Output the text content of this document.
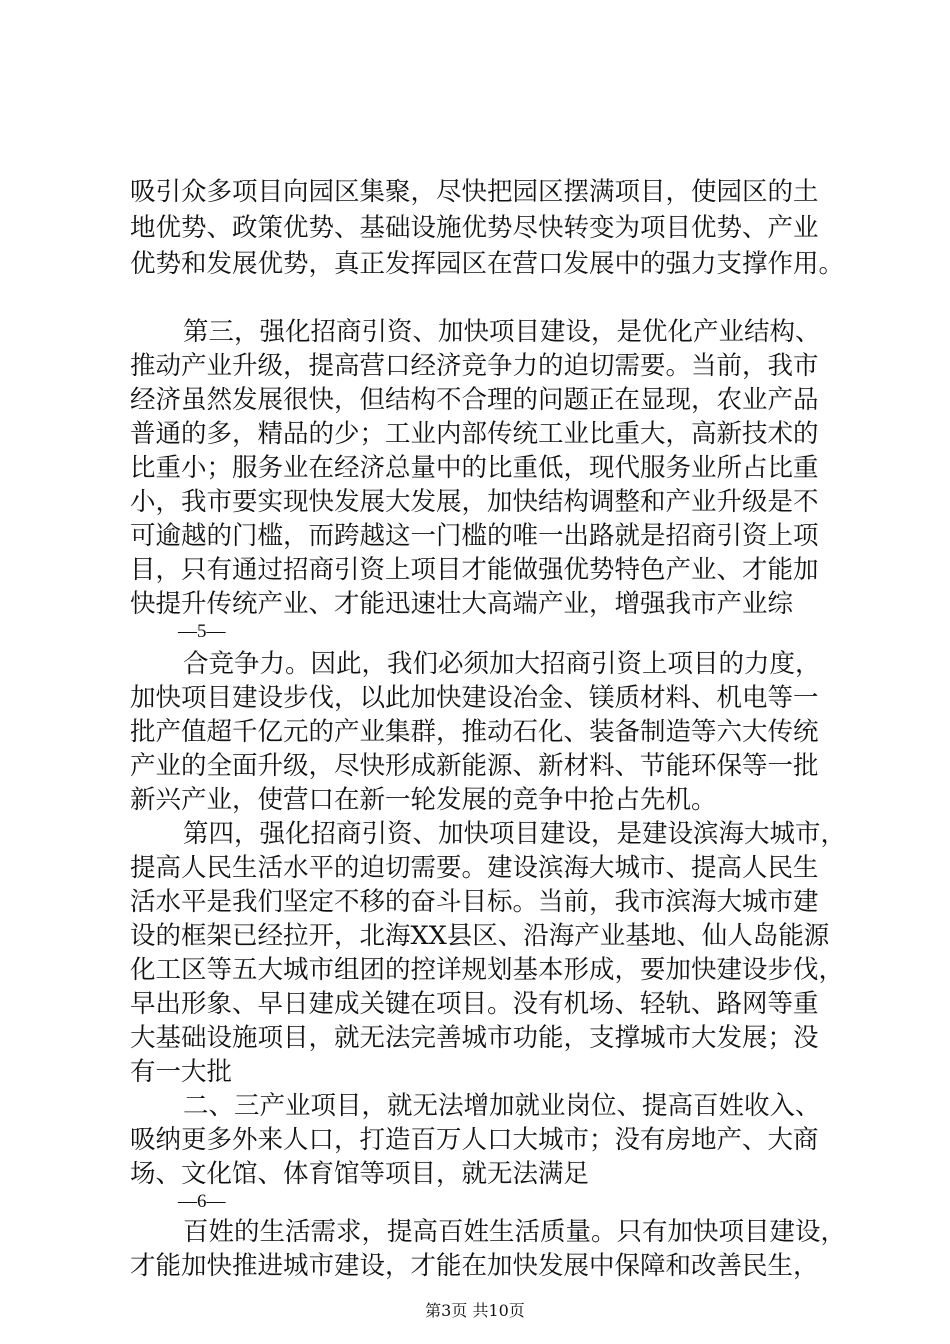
吸引众多项目向园区集聚，尽快把园区摆满项目，使园区的土
地优势、政策优势、基础设施优势尽快转变为项目优势、产业
优势和发展优势，真正发挥园区在营口发展中的强力支撑作用。
第三，强化招商引资、加快项目建设，是优化产业结构、
推动产业升级，提高营口经济竞争力的迫切需要。当前，我市
经济虽然发展很快，但结构不合理的问题正在显现，农业产品
普通的多，精品的少；工业内部传统工业比重大，高新技术的
比重小；服务业在经济总量中的比重低，现代服务业所占比重
小，我市要实现快发展大发展，加快结构调整和产业升级是不
可逾越的门槛，而跨越这一门槛的唯一出路就是招商引资上项
目，只有通过招商引资上项目才能做强优势特色产业、才能加
快提升传统产业、才能迅速壮大高端产业，增强我市产业综
—5—
合竞争力。因此，我们必须加大招商引资上项目的力度，
加快项目建设步伐，以此加快建设冶金、镁质材料、机电等一
批产值超千亿元的产业集群，推动石化、装备制造等六大传统
产业的全面升级，尽快形成新能源、新材料、节能环保等一批
新兴产业，使营口在新一轮发展的竞争中抢占先机。
第四，强化招商引资、加快项目建设，是建设滨海大城市，
提高人民生活水平的迫切需要。建设滨海大城市、提高人民生
活水平是我们坚定不移的奋斗目标。当前，我市滨海大城市建
设的框架已经拉开，北海XX县区、沿海产业基地、仙人岛能源
化工区等五大城市组团的控详规划基本形成，要加快建设步伐，
早出形象、早日建成关键在项目。没有机场、轻轨、路网等重
大基础设施项目，就无法完善城市功能，支撑城市大发展；没
有一大批
二、三产业项目，就无法增加就业岗位、提高百姓收入、
吸纳更多外来人口，打造百万人口大城市；没有房地产、大商
场、文化馆、体育馆等项目，就无法满足
—6—
百姓的生活需求，提高百姓生活质量。只有加快项目建设，
才能加快推进城市建设，才能在加快发展中保障和改善民生，
第3页 共10页
